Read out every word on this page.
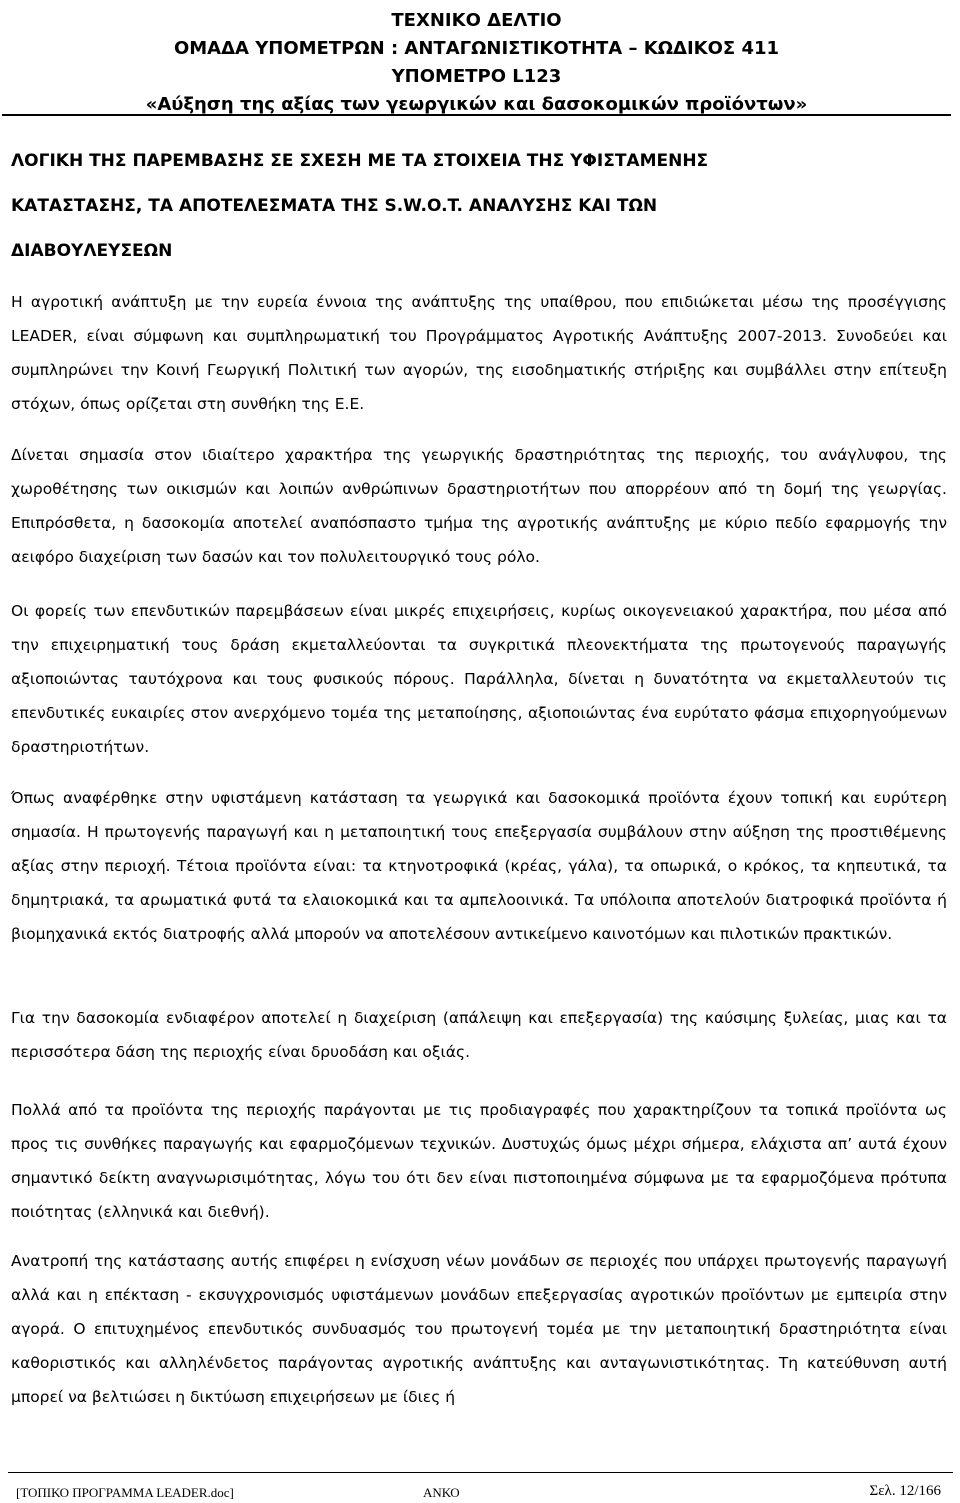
ΤΕΧΝΙΚΟ ΔΕΛΤΙΟ
ΟΜΑΔΑ ΥΠΟΜΕΤΡΩΝ : ΑΝΤΑΓΩΝΙΣΤΙΚΟΤΗΤΑ – ΚΩΔΙΚΟΣ 411
ΥΠΟΜΕΤΡΟ L123
«Αύξηση της αξίας των γεωργικών και δασοκομικών προϊόντων»
ΛΟΓΙΚΗ ΤΗΣ ΠΑΡΕΜΒΑΣΗΣ ΣΕ ΣΧΕΣΗ ΜΕ ΤΑ ΣΤΟΙΧΕΙΑ ΤΗΣ ΥΦΙΣΤΑΜΕΝΗΣ
ΚΑΤΑΣΤΑΣΗΣ, ΤΑ ΑΠΟΤΕΛΕΣΜΑΤΑ ΤΗΣ S.W.O.T. ΑΝΑΛΥΣΗΣ ΚΑΙ ΤΩΝ
ΔΙΑΒΟΥΛΕΥΣΕΩΝ

Η αγροτική ανάπτυξη με την ευρεία έννοια της ανάπτυξης της υπαίθρου, που επιδιώκεται μέσω της προσέγγισης LEADER, είναι σύμφωνη και συμπληρωματική του Προγράμματος Αγροτικής Ανάπτυξης 2007-2013. Συνοδεύει και συμπληρώνει την Κοινή Γεωργική Πολιτική των αγορών, της εισοδηματικής στήριξης και συμβάλλει στην επίτευξη στόχων, όπως ορίζεται στη συνθήκη της Ε.Ε.

Δίνεται σημασία στον ιδιαίτερο χαρακτήρα της γεωργικής δραστηριότητας της περιοχής, του ανάγλυφου, της χωροθέτησης των οικισμών και λοιπών ανθρώπινων δραστηριοτήτων που απορρέουν από τη δομή της γεωργίας. Επιπρόσθετα, η δασοκομία αποτελεί αναπόσπαστο τμήμα της αγροτικής ανάπτυξης με κύριο πεδίο εφαρμογής την αειφόρο διαχείριση των δασών και τον πολυλειτουργικό τους ρόλο.

Οι φορείς των επενδυτικών παρεμβάσεων είναι μικρές επιχειρήσεις, κυρίως οικογενειακού χαρακτήρα, που μέσα από την επιχειρηματική τους δράση εκμεταλλεύονται τα συγκριτικά πλεονεκτήματα της πρωτογενούς παραγωγής αξιοποιώντας ταυτόχρονα και τους φυσικούς πόρους. Παράλληλα, δίνεται η δυνατότητα να εκμεταλλευτούν τις επενδυτικές ευκαιρίες στον ανερχόμενο τομέα της μεταποίησης, αξιοποιώντας ένα ευρύτατο φάσμα επιχορηγούμενων δραστηριοτήτων.

Όπως αναφέρθηκε στην υφιστάμενη κατάσταση τα γεωργικά και δασοκομικά προϊόντα έχουν τοπική και ευρύτερη σημασία. Η πρωτογενής παραγωγή και η μεταποιητική τους επεξεργασία συμβάλουν στην αύξηση της προστιθέμενης αξίας στην περιοχή. Τέτοια προϊόντα είναι: τα κτηνοτροφικά (κρέας, γάλα), τα οπωρικά, ο κρόκος, τα κηπευτικά, τα δημητριακά, τα αρωματικά φυτά τα ελαιοκομικά και τα αμπελοοινικά. Τα υπόλοιπα αποτελούν διατροφικά προϊόντα ή βιομηχανικά εκτός διατροφής αλλά μπορούν να αποτελέσουν αντικείμενο καινοτόμων και πιλοτικών πρακτικών.

Για την δασοκομία ενδιαφέρον αποτελεί η διαχείριση (απάλειψη και επεξεργασία) της καύσιμης ξυλείας, μιας και τα περισσότερα δάση της περιοχής είναι δρυοδάση και οξιάς.

Πολλά από τα προϊόντα της περιοχής παράγονται με τις προδιαγραφές που χαρακτηρίζουν τα τοπικά προϊόντα ως προς τις συνθήκες παραγωγής και εφαρμοζόμενων τεχνικών. Δυστυχώς όμως μέχρι σήμερα, ελάχιστα απ’ αυτά έχουν σημαντικό δείκτη αναγνωρισιμότητας, λόγω του ότι δεν είναι πιστοποιημένα σύμφωνα με τα εφαρμοζόμενα πρότυπα ποιότητας (ελληνικά και διεθνή).

Ανατροπή της κατάστασης αυτής επιφέρει η ενίσχυση νέων μονάδων σε περιοχές που υπάρχει πρωτογενής παραγωγή αλλά και η επέκταση - εκσυγχρονισμός υφιστάμενων μονάδων επεξεργασίας αγροτικών προϊόντων με εμπειρία στην αγορά. Ο επιτυχημένος επενδυτικός συνδυασμός του πρωτογενή τομέα με την μεταποιητική δραστηριότητα είναι καθοριστικός και αλληλένδετος παράγοντας αγροτικής ανάπτυξης και ανταγωνιστικότητας. Τη κατεύθυνση αυτή μπορεί να βελτιώσει η δικτύωση επιχειρήσεων με ίδιες ή

[ΤΟΠΙΚΟ ΠΡΟΓΡΑΜΜΑ LEADER.doc]	ΑΝΚΟ	Σελ. 12/166
